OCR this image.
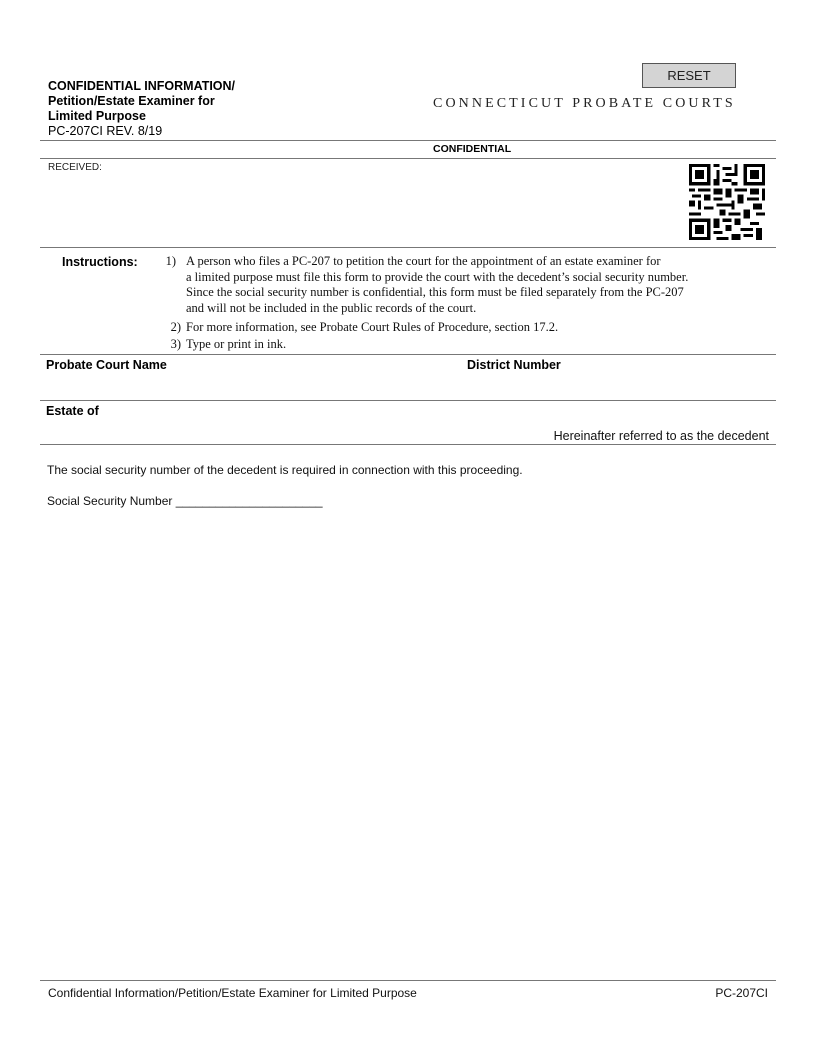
CONFIDENTIAL INFORMATION/
Petition/Estate Examiner for
Limited Purpose
PC-207CI REV. 8/19
RESET
CONNECTICUT PROBATE COURTS
CONFIDENTIAL
RECEIVED:
Instructions:	1) A person who files a PC-207 to petition the court for the appointment of an estate examiner for
a limited purpose must file this form to provide the court with the decedent’s social security number.
Since the social security number is confidential, this form must be filed separately from the PC-207
and will not be included in the public records of the court.
2) For more information, see Probate Court Rules of Procedure, section 17.2.
3) Type or print in ink.
Probate Court Name	District Number
Estate of
Hereinafter referred to as the decedent
The social security number of the decedent is required in connection with this proceeding.
Social Security Number ______________________
Confidential Information/Petition/Estate Examiner for Limited Purpose	PC-207CI
